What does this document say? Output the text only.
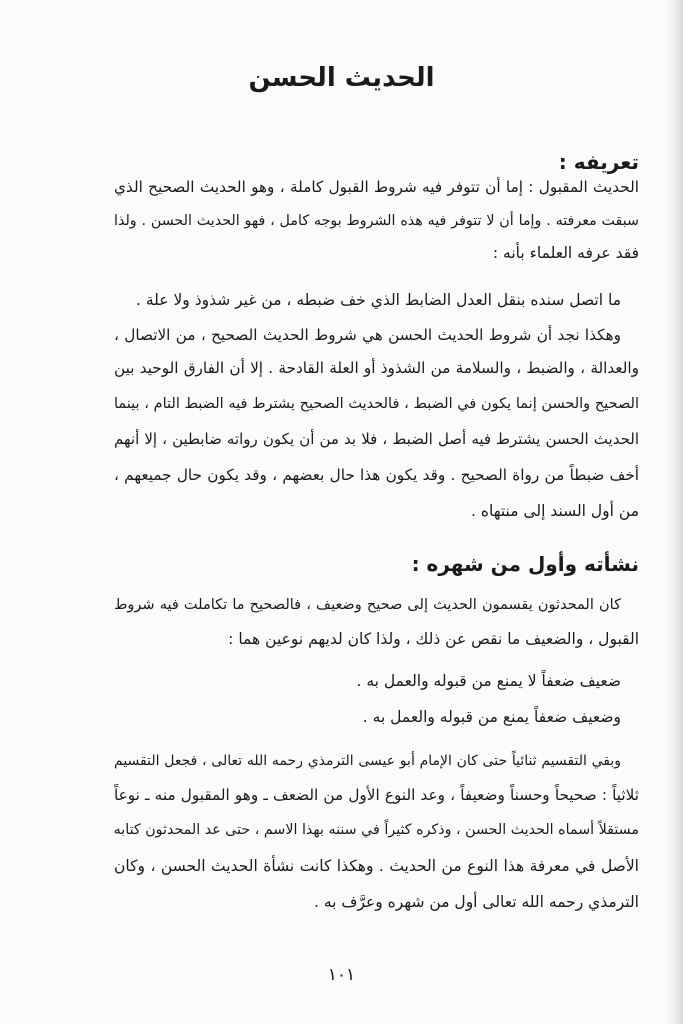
الحديث الحسن
تعريفه :
الحديث المقبول : إما أن تتوفر فيه شروط القبول كاملة ، وهو الحديث الصحيح الذي
سبقت معرفته . وإما أن لا تتوفر فيه هذه الشروط بوجه كامل ، فهو الحديث الحسن . ولذا
فقد عرفه العلماء بأنه :
ما اتصل سنده بنقل العدل الضابط الذي خف ضبطه ، من غير شذوذ ولا علة .
وهكذا نجد أن شروط الحديث الحسن هي شروط الحديث الصحيح ، من الاتصال ،
والعدالة ، والضبط ، والسلامة من الشذوذ أو العلة القادحة . إلا أن الفارق الوحيد بين
الصحيح والحسن إنما يكون في الضبط ، فالحديث الصحيح يشترط فيه الضبط التام ، بينما
الحديث الحسن يشترط فيه أصل الضبط ، فلا بد من أن يكون رواته ضابطين ، إلا أنهم
أخف ضبطاً من رواة الصحيح . وقد يكون هذا حال بعضهم ، وقد يكون حال جميعهم ،
من أول السند إلى منتهاه .
نشأته وأول من شهره :
كان المحدثون يقسمون الحديث إلى صحيح وضعيف ، فالصحيح ما تكاملت فيه شروط
القبول ، والضعيف ما نقص عن ذلك ، ولذا كان لديهم نوعين هما :
ضعيف ضعفاً لا يمنع من قبوله والعمل به .
وضعيف ضعفاً يمنع من قبوله والعمل به .
وبقي التقسيم ثنائياً حتى كان الإمام أبو عيسى الترمذي رحمه الله تعالى ، فجعل التقسيم
ثلاثياً : صحيحاً وحسناً وضعيفاً ، وعد النوع الأول من الضعف ـ وهو المقبول منه ـ نوعاً
مستقلاً أسماه الحديث الحسن ، وذكره كثيراً في سننه بهذا الاسم ، حتى عد المحدثون كتابه
الأصل في معرفة هذا النوع من الحديث . وهكذا كانت نشأة الحديث الحسن ، وكان
الترمذي رحمه الله تعالى أول من شهره وعرَّف به .
١٠١
